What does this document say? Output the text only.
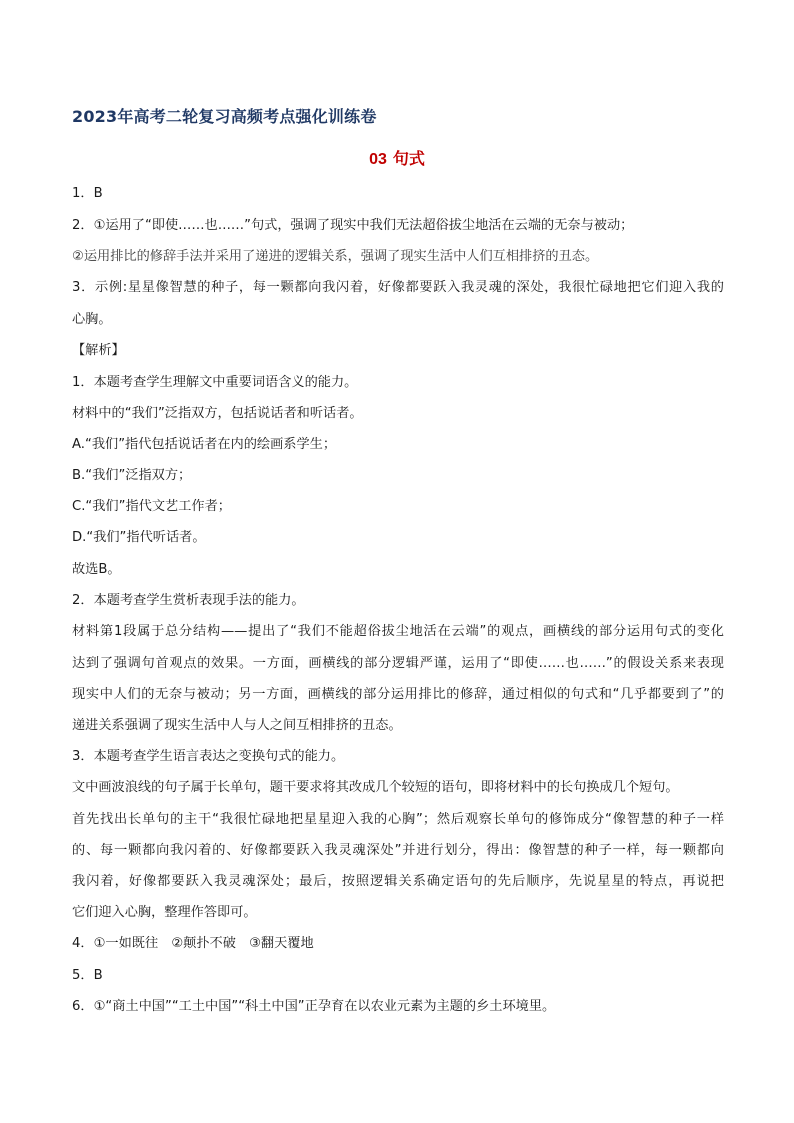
2023年高考二轮复习高频考点强化训练卷
03 句式
1．B
2．①运用了“即使……也……”句式，强调了现实中我们无法超俗拔尘地活在云端的无奈与被动；
②运用排比的修辞手法并采用了递进的逻辑关系，强调了现实生活中人们互相排挤的丑态。
3．示例:星星像智慧的种子，每一颗都向我闪着，好像都要跃入我灵魂的深处，我很忙碌地把它们迎入我的
心胸。
【解析】
1．本题考查学生理解文中重要词语含义的能力。
材料中的“我们”泛指双方，包括说话者和听话者。
A.“我们”指代包括说话者在内的绘画系学生；
B.“我们”泛指双方；
C.“我们”指代文艺工作者；
D.“我们”指代听话者。
故选B。
2．本题考查学生赏析表现手法的能力。
材料第1段属于总分结构——提出了“我们不能超俗拔尘地活在云端”的观点，画横线的部分运用句式的变化
达到了强调句首观点的效果。一方面，画横线的部分逻辑严谨，运用了“即使……也……”的假设关系来表现
现实中人们的无奈与被动；另一方面，画横线的部分运用排比的修辞，通过相似的句式和“几乎都要到了”的
递进关系强调了现实生活中人与人之间互相排挤的丑态。
3．本题考查学生语言表达之变换句式的能力。
文中画波浪线的句子属于长单句，题干要求将其改成几个较短的语句，即将材料中的长句换成几个短句。
首先找出长单句的主干“我很忙碌地把星星迎入我的心胸”；然后观察长单句的修饰成分“像智慧的种子一样
的、每一颗都向我闪着的、好像都要跃入我灵魂深处”并进行划分，得出：像智慧的种子一样，每一颗都向
我闪着，好像都要跃入我灵魂深处；最后，按照逻辑关系确定语句的先后顺序，先说星星的特点，再说把
它们迎入心胸，整理作答即可。
4．①一如既往　②颠扑不破　③翻天覆地
5．B
6．①“商土中国”“工土中国”“科土中国”正孕育在以农业元素为主题的乡土环境里。
